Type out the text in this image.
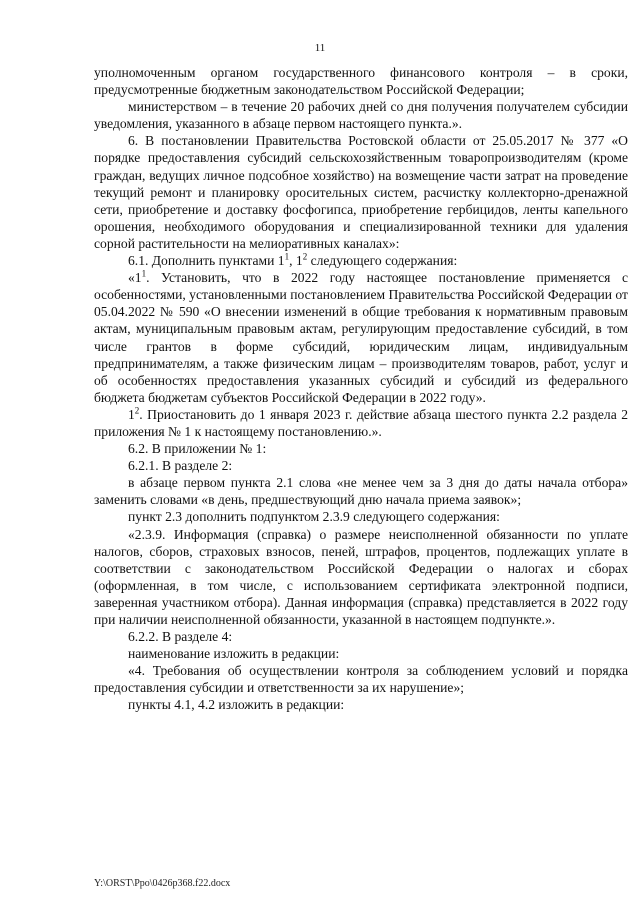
11

уполномоченным органом государственного финансового контроля – в сроки, предусмотренные бюджетным законодательством Российской Федерации;

министерством – в течение 20 рабочих дней со дня получения получателем субсидии уведомления, указанного в абзаце первом настоящего пункта.».

6. В постановлении Правительства Ростовской области от 25.05.2017 № 377 «О порядке предоставления субсидий сельскохозяйственным товаропроизводителям (кроме граждан, ведущих личное подсобное хозяйство) на возмещение части затрат на проведение текущий ремонт и планировку оросительных систем, расчистку коллекторно-дренажной сети, приобретение и доставку фосфогипса, приобретение гербицидов, ленты капельного орошения, необходимого оборудования и специализированной техники для удаления сорной растительности на мелиоративных каналах»:

6.1. Дополнить пунктами $1^1$, $1^2$ следующего содержания:

«$1^1$. Установить, что в 2022 году настоящее постановление применяется с особенностями, установленными постановлением Правительства Российской Федерации от 05.04.2022 № 590 «О внесении изменений в общие требования к нормативным правовым актам, муниципальным правовым актам, регулирующим предоставление субсидий, в том числе грантов в форме субсидий, юридическим лицам, индивидуальным предпринимателям, а также физическим лицам – производителям товаров, работ, услуг и об особенностях предоставления указанных субсидий и субсидий из федерального бюджета бюджетам субъектов Российской Федерации в 2022 году».

$1^2$. Приостановить до 1 января 2023 г. действие абзаца шестого пункта 2.2 раздела 2 приложения № 1 к настоящему постановлению.».

6.2. В приложении № 1:

6.2.1. В разделе 2:

в абзаце первом пункта 2.1 слова «не менее чем за 3 дня до даты начала отбора» заменить словами «в день, предшествующий дню начала приема заявок»;

пункт 2.3 дополнить подпунктом 2.3.9 следующего содержания:

«2.3.9. Информация (справка) о размере неисполненной обязанности по уплате налогов, сборов, страховых взносов, пеней, штрафов, процентов, подлежащих уплате в соответствии с законодательством Российской Федерации о налогах и сборах (оформленная, в том числе, с использованием сертификата электронной подписи, заверенная участником отбора). Данная информация (справка) представляется в 2022 году при наличии неисполненной обязанности, указанной в настоящем подпункте.».

6.2.2. В разделе 4:

наименование изложить в редакции:

«4. Требования об осуществлении контроля за соблюдением условий и порядка предоставления субсидии и ответственности за их нарушение»;

пункты 4.1, 4.2 изложить в редакции:

Y:\ORST\Ppo\0426p368.f22.docx
